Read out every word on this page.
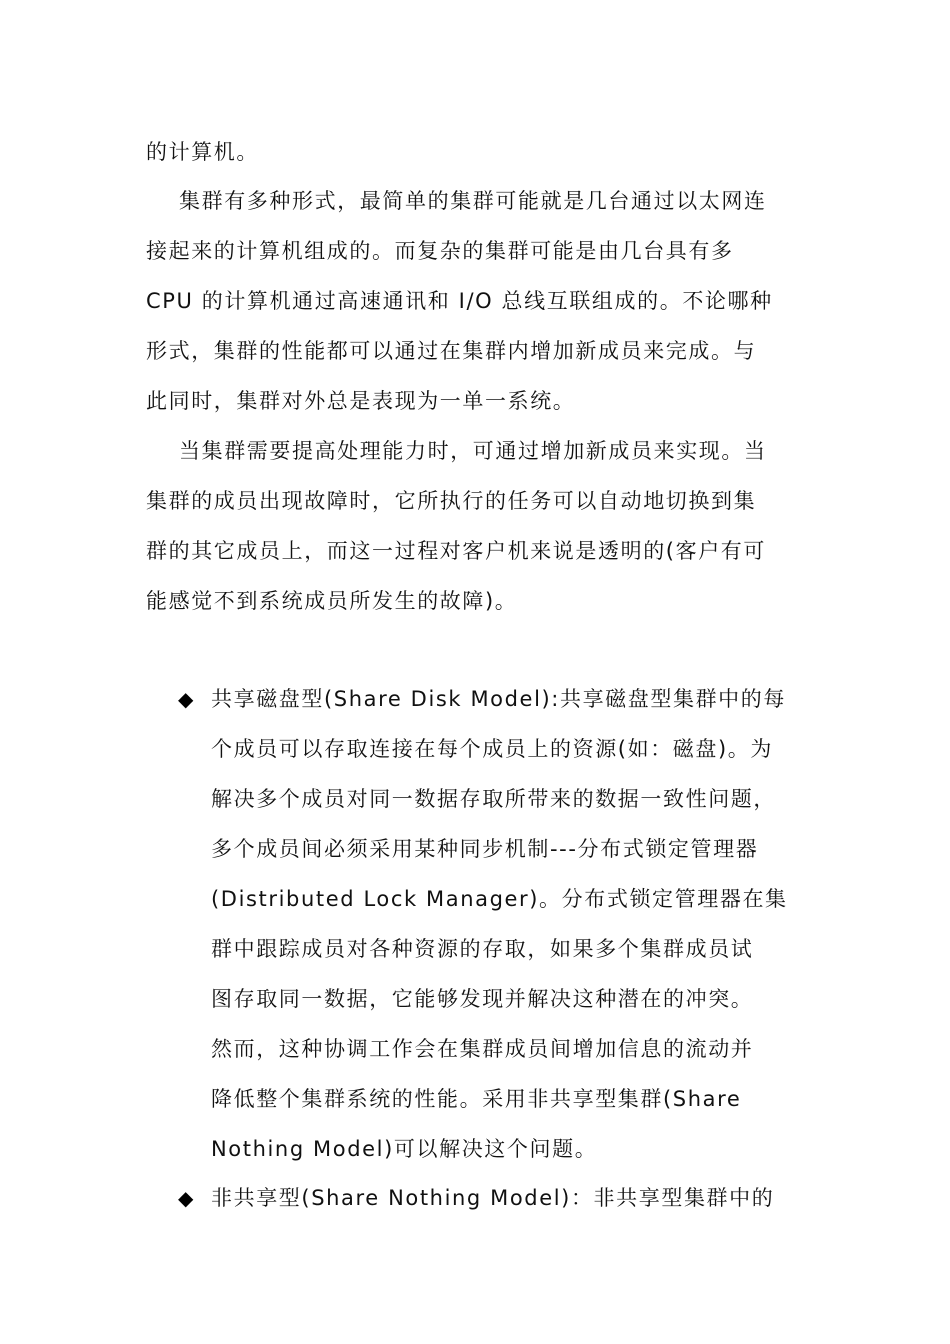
的计算机。
集群有多种形式，最简单的集群可能就是几台通过以太网连
接起来的计算机组成的。而复杂的集群可能是由几台具有多
CPU 的计算机通过高速通讯和 I/O 总线互联组成的。不论哪种
形式，集群的性能都可以通过在集群内增加新成员来完成。与
此同时，集群对外总是表现为一单一系统。
当集群需要提高处理能力时，可通过增加新成员来实现。当
集群的成员出现故障时，它所执行的任务可以自动地切换到集
群的其它成员上，而这一过程对客户机来说是透明的(客户有可
能感觉不到系统成员所发生的故障)。
◆ 共享磁盘型(Share Disk Model):共享磁盘型集群中的每
个成员可以存取连接在每个成员上的资源(如：磁盘)。为
解决多个成员对同一数据存取所带来的数据一致性问题，
多个成员间必须采用某种同步机制---分布式锁定管理器
(Distributed Lock Manager)。分布式锁定管理器在集
群中跟踪成员对各种资源的存取，如果多个集群成员试
图存取同一数据，它能够发现并解决这种潜在的冲突。
然而，这种协调工作会在集群成员间增加信息的流动并
降低整个集群系统的性能。采用非共享型集群(Share
Nothing Model)可以解决这个问题。
◆ 非共享型(Share Nothing Model)：非共享型集群中的
